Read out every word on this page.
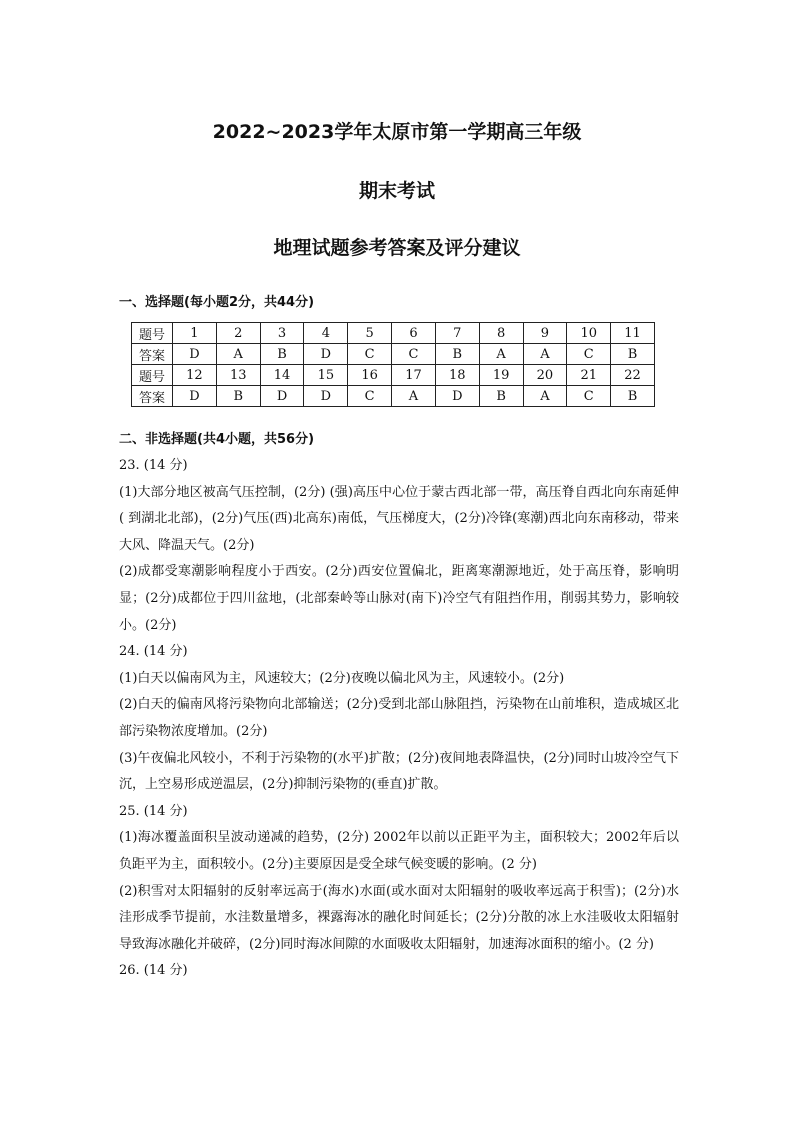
2022~2023学年太原市第一学期高三年级
期末考试
地理试题参考答案及评分建议
一、选择题(每小题2分，共44分)
题号	1	2	3	4	5	6	7	8	9	10	11
答案	D	A	B	D	C	C	B	A	A	C	B
题号	12	13	14	15	16	17	18	19	20	21	22
答案	D	B	D	D	C	A	D	B	A	C	B
二、非选择题(共4小题，共56分)

23. (14 分)

(1)大部分地区被高气压控制，(2分) (强)高压中心位于蒙古西北部一带，高压脊自西北向东南延伸( 到湖北北部)，(2分)气压(西)北高东)南低，气压梯度大，(2分)冷锋(寒潮)西北向东南移动，带来大风、降温天气。(2分)

(2)成都受寒潮影响程度小于西安。(2分)西安位置偏北，距离寒潮源地近，处于高压脊，影响明显；(2分)成都位于四川盆地，(北部秦岭等山脉对(南下)冷空气有阻挡作用，削弱其势力，影响较小。(2分)

24. (14 分)

(1)白天以偏南风为主，风速较大；(2分)夜晚以偏北风为主，风速较小。(2分)

(2)白天的偏南风将污染物向北部输送；(2分)受到北部山脉阻挡，污染物在山前堆积，造成城区北部污染物浓度增加。(2分)

(3)午夜偏北风较小，不利于污染物的(水平)扩散；(2分)夜间地表降温快，(2分)同时山坡冷空气下沉，上空易形成逆温层，(2分)抑制污染物的(垂直)扩散。

25. (14 分)

(1)海冰覆盖面积呈波动递减的趋势，(2分) 2002年以前以正距平为主，面积较大；2002年后以负距平为主，面积较小。(2分)主要原因是受全球气候变暖的影响。(2 分)

(2)积雪对太阳辐射的反射率远高于(海水)水面(或水面对太阳辐射的吸收率远高于积雪)；(2分)水洼形成季节提前，水洼数量增多，裸露海冰的融化时间延长；(2分)分散的冰上水洼吸收太阳辐射导致海冰融化并破碎，(2分)同时海冰间隙的水面吸收太阳辐射，加速海冰面积的缩小。(2 分)

26. (14 分)
